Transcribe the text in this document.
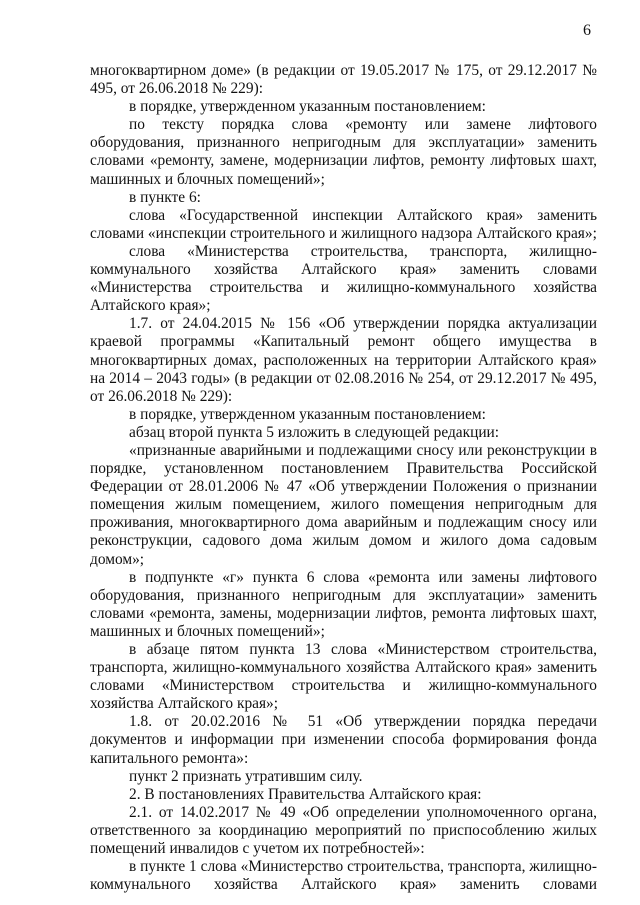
6

многоквартирном доме» (в редакции от 19.05.2017 № 175, от 29.12.2017 № 495, от 26.06.2018 № 229):

в порядке, утвержденном указанным постановлением:

по тексту порядка слова «ремонту или замене лифтового оборудования, признанного непригодным для эксплуатации» заменить словами «ремонту, замене, модернизации лифтов, ремонту лифтовых шахт, машинных и блочных помещений»;

в пункте 6:

слова «Государственной инспекции Алтайского края» заменить словами «инспекции строительного и жилищного надзора Алтайского края»;

слова «Министерства строительства, транспорта, жилищно-коммунального хозяйства Алтайского края» заменить словами «Министерства строительства и жилищно-коммунального хозяйства Алтайского края»;

1.7. от 24.04.2015 № 156 «Об утверждении порядка актуализации краевой программы «Капитальный ремонт общего имущества в многоквартирных домах, расположенных на территории Алтайского края» на 2014 – 2043 годы» (в редакции от 02.08.2016 № 254, от 29.12.2017 № 495, от 26.06.2018 № 229):

в порядке, утвержденном указанным постановлением:

абзац второй пункта 5 изложить в следующей редакции:

«признанные аварийными и подлежащими сносу или реконструкции в порядке, установленном постановлением Правительства Российской Федерации от 28.01.2006 № 47 «Об утверждении Положения о признании помещения жилым помещением, жилого помещения непригодным для проживания, многоквартирного дома аварийным и подлежащим сносу или реконструкции, садового дома жилым домом и жилого дома садовым домом»;

в подпункте «г» пункта 6 слова «ремонта или замены лифтового оборудования, признанного непригодным для эксплуатации» заменить словами «ремонта, замены, модернизации лифтов, ремонта лифтовых шахт, машинных и блочных помещений»;

в абзаце пятом пункта 13 слова «Министерством строительства, транспорта, жилищно-коммунального хозяйства Алтайского края» заменить словами «Министерством строительства и жилищно-коммунального хозяйства Алтайского края»;

1.8. от 20.02.2016 № 51 «Об утверждении порядка передачи документов и информации при изменении способа формирования фонда капитального ремонта»:

пункт 2 признать утратившим силу.

2. В постановлениях Правительства Алтайского края:

2.1. от 14.02.2017 № 49 «Об определении уполномоченного органа, ответственного за координацию мероприятий по приспособлению жилых помещений инвалидов с учетом их потребностей»:

в пункте 1 слова «Министерство строительства, транспорта, жилищно-коммунального хозяйства Алтайского края» заменить словами
